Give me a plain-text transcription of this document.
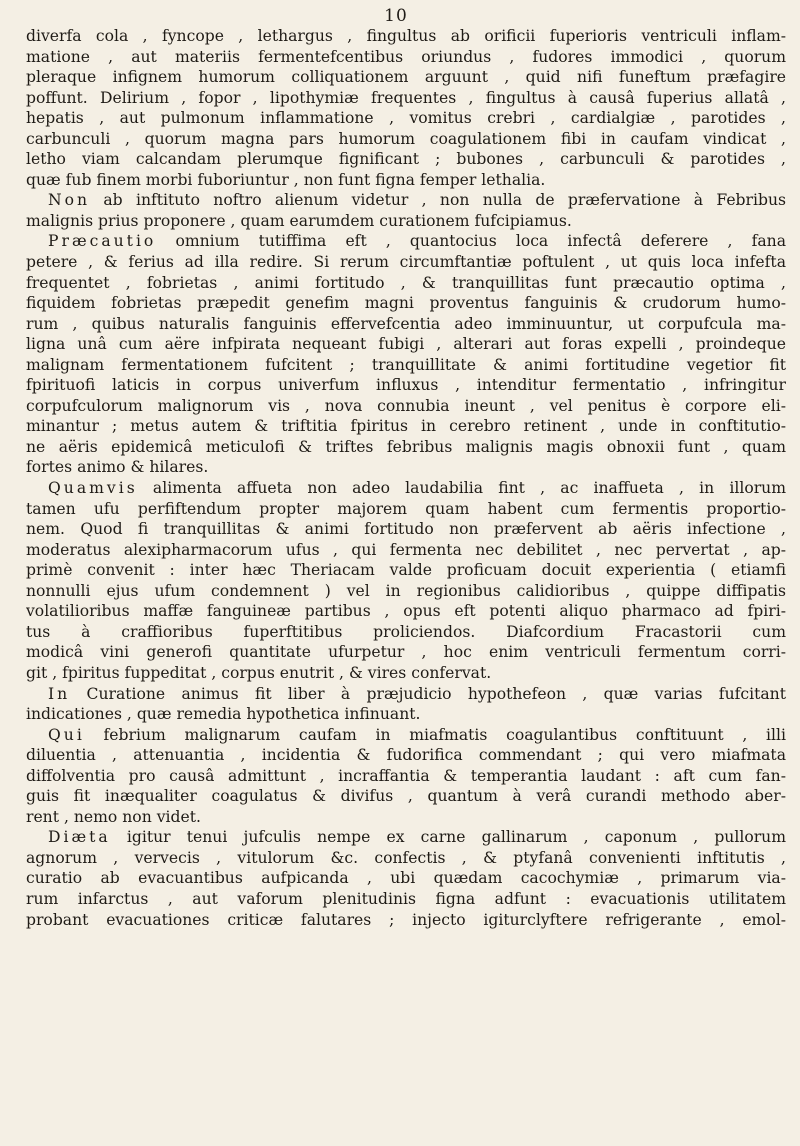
10
diverfa cola , fyncope , lethargus , fingultus ab orificii fuperioris ventriculi inflam-
matione , aut materiis fermentefcentibus oriundus , fudores immodici , quorum
pleraque infignem humorum colliquationem arguunt , quid nifi funeftum præfagire
poffunt. Delirium , fopor , lipothymiæ frequentes , fingultus à causâ fuperius allatâ ,
hepatis , aut pulmonum inflammatione , vomitus crebri , cardialgiæ , parotides ,
carbunculi , quorum magna pars humorum coagulationem fibi in caufam vindicat ,
letho viam calcandam plerumque fignificant ; bubones , carbunculi & parotides ,
quæ fub finem morbi fuboriuntur , non funt figna femper lethalia.
Non ab inftituto noftro alienum videtur , non nulla de præfervatione à Febribus
malignis prius proponere , quam earumdem curationem fufcipiamus.
Præcautio omnium tutiffima eft , quantocius loca infectâ deferere , fana
petere , & ferius ad illa redire. Si rerum circumftantiæ poftulent , ut quis loca infefta
frequentet , fobrietas , animi fortitudo , & tranquillitas funt præcautio optima ,
fiquidem fobrietas præpedit genefim magni proventus fanguinis & crudorum humo-
rum , quibus naturalis fanguinis effervefcentia adeo imminuuntur, ut corpufcula ma-
ligna unâ cum aëre infpirata nequeant fubigi , alterari aut foras expelli , proindeque
malignam fermentationem fufcitent ; tranquillitate & animi fortitudine vegetior fit
fpirituofi laticis in corpus univerfum influxus , intenditur fermentatio , infringitur
corpufculorum malignorum vis , nova connubia ineunt , vel penitus è corpore eli-
minantur ; metus autem & triftitia fpiritus in cerebro retinent , unde in conftitutio-
ne aëris epidemicâ meticulofi & triftes febribus malignis magis obnoxii funt , quam
fortes animo & hilares.
Quamvis alimenta affueta non adeo laudabilia fint , ac inaffueta , in illorum
tamen ufu perfiftendum propter majorem quam habent cum fermentis proportio-
nem. Quod fi tranquillitas & animi fortitudo non præfervent ab aëris infectione ,
moderatus alexipharmacorum ufus , qui fermenta nec debilitet , nec pervertat , ap-
primè convenit : inter hæc Theriacam valde proficuam docuit experientia ( etiamfi
nonnulli ejus ufum condemnent ) vel in regionibus calidioribus , quippe diffipatis
volatilioribus maffæ fanguineæ partibus , opus eft potenti aliquo pharmaco ad fpiri-
tus à craffioribus fuperftitibus proliciendos. Diafcordium Fracastorii cum
modicâ vini generofi quantitate ufurpetur , hoc enim ventriculi fermentum corri-
git , fpiritus fuppeditat , corpus enutrit , & vires confervat.
In Curatione animus fit liber à præjudicio hypothefeon , quæ varias fufcitant
indicationes , quæ remedia hypothetica infinuant.
Qui febrium malignarum caufam in miafmatis coagulantibus conftituunt , illi
diluentia , attenuantia , incidentia & fudorifica commendant ; qui vero miafmata
diffolventia pro causâ admittunt , incraffantia & temperantia laudant : aft cum fan-
guis fit inæqualiter coagulatus & divifus , quantum à verâ curandi methodo aber-
rent , nemo non videt.
Diæta igitur tenui jufculis nempe ex carne gallinarum , caponum , pullorum
agnorum , vervecis , vitulorum &c. confectis , & ptyfanâ convenienti inftitutis ,
curatio ab evacuantibus aufpicanda , ubi quædam cacochymiæ , primarum via-
rum infarctus , aut vaforum plenitudinis figna adfunt : evacuationis utilitatem
probant evacuationes criticæ falutares ; injecto igiturclyftere refrigerante , emol-
